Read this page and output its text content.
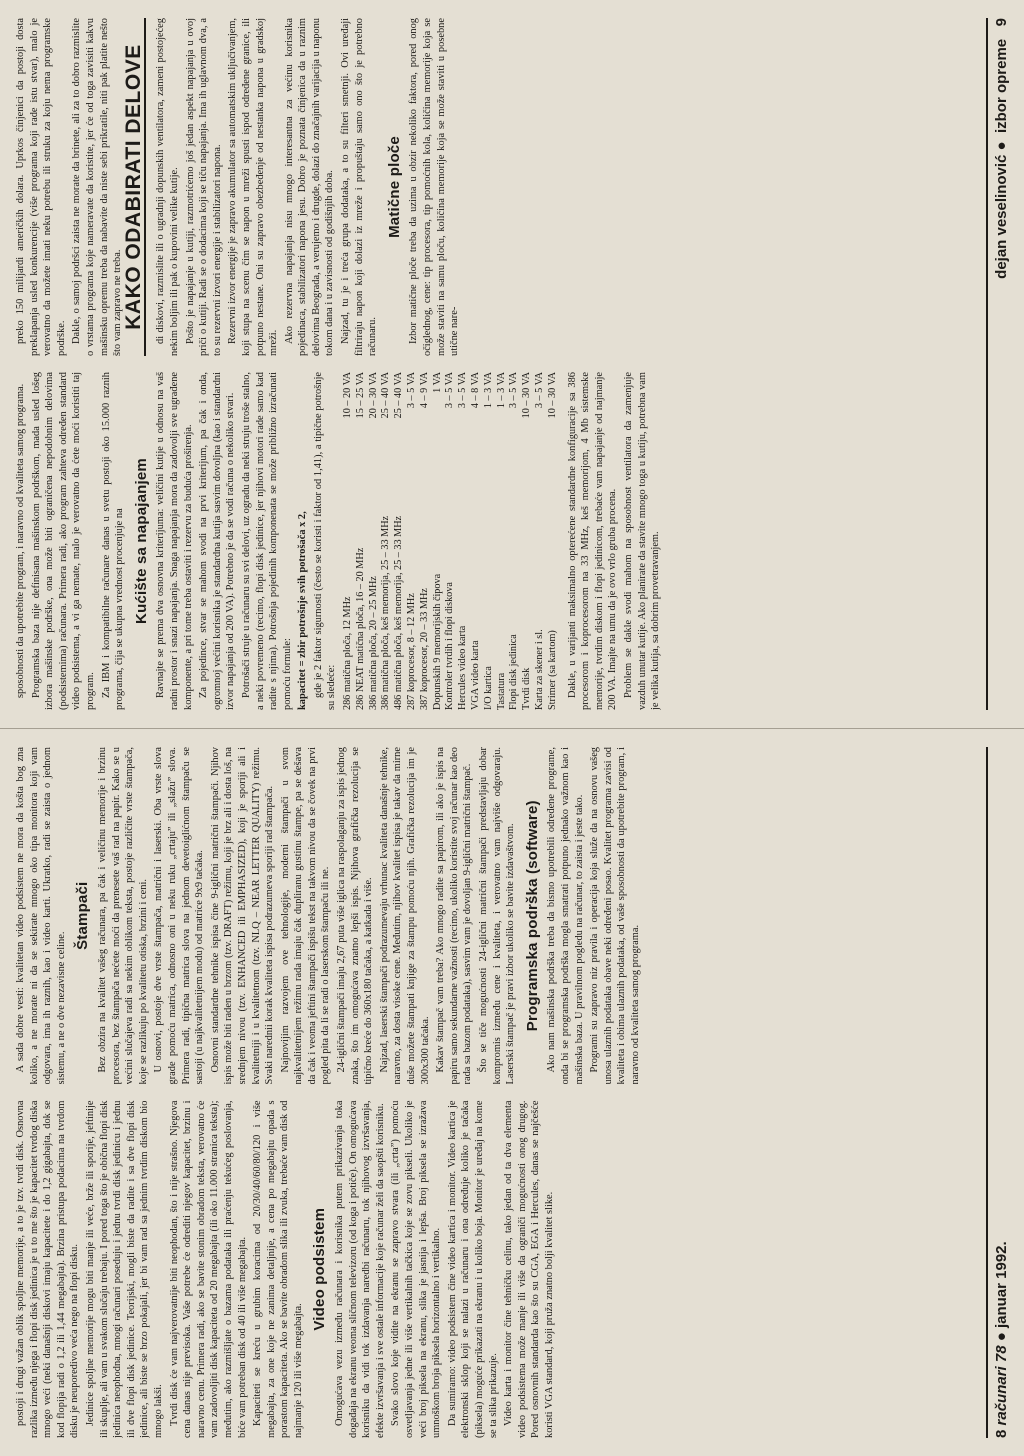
postoji i drugi važan oblik spoljne memorije, a to je tzv. tvrdi disk. Osnovna razlika između njega i flopi disk jedinica je u to me što je kapacitet tvrdog diska mnogo veći (neki današnji diskovi imaju kapacitete i do 1,2 gigabajta, dok se kod flopija radi o 1,2 ili 1,44 megabajta). Brzina pristupa podacima na tvrdom disku je neuporedivo veća nego na flopi disku. Jedinice spoljne memorije mogu biti manje ili veće, brže ili sporije, jeftinije ili skuplje, ali vam u svakom slučaju trebaju. I pored toga što je obična flopi disk jedinica neophodna, mnogi računari poseduju i jednu tvrdi disk jedinicu i jednu ili dve flopi disk jedinice. Teorijski, mogli biste da radite i sa dve flopi disk jedinice, ali biste se brzo pokajali, jer bi vam rad sa jednim tvrdim diskom bio mnogo lakši. Tvrdi disk će vam najverovatnije biti neophodan, što i nije strašno. Njegova cena danas nije previsoka. Vaše potrebe će odrediti njegov kapacitet, brzinu i naravno cenu. Primera radi, ako se bavite stonim obradom teksta, verovatno će vam zadovoljiti disk kapaciteta od 20 megabajta (ili oko 11.000 stranica teksta); međutim, ako razmišljate o bazama podataka ili praćenju tekućeg poslovanja, biće vam potreban disk od 40 ili više megabajta. Kapaciteti se kreću u grubim koracima od 20/30/40/60/80/120 i više megabajta, za one koje ne zanima detaljnije, a cena po megabajtu opada s porastom kapaciteta. Ako se bavite obradom slika ili zvuka, trebaće vam disk od najmanje 120 ili više megabajta.

Video podsistem Omogućava vezu između računara i korisnika putem prikazivanja toka događaja na ekranu veoma sličnom televizoru (od koga i potiče). On omogućava korisniku da vidi tok izdavanja naredbi računaru, tok njihovog izvršavanja, efekte izvršavanja i sve ostale informacije koje računar želi da saopšti korisniku. Svako slovo koje vidite na ekranu se zapravo stvara (ili „crta”) pomoću osvetljavanja jedne ili više vertikalnih tačkica koje se zovu pikseli. Ukoliko je veći broj piksela na ekranu, slika je jasnija i lepša. Broj piksela se izražava umnoškom broja piksela horizontalno i vertikalno. Da sumiramo: video podsistem čine video kartica i monitor. Video kartica je elektronski sklop koji se nalazi u računaru i ona određuje koliko je tačaka (piksela) moguće prikazati na ekranu i u koliko boja. Monitor je uređaj na kome se ta slika prikazuje. Video karta i monitor čine tehničku celinu, tako jedan od ta dva elementa video podsistema može manje ili više da ograniči mogućnosti onog drugog. Pored osnovnih standarda kao što su CGA, EGA i Hercules, danas se najčešće koristi VGA standard, koji pruža znatno bolji kvalitet slike.

A sada dobre vesti: kvalitetan video podsistem ne mora da košta bog zna koliko, a ne morate ni da se sekirate mnogo oko tipa monitora koji vam odgovara, ima ih raznih, kao i video karti. Ukratko, radi se zaista o jednom sistemu, a ne o dve nezavisne celine.

Štampači Bez obzira na kvalitet vašeg računara, pa čak i veličinu memorije i brzinu procesora, bez štampača nećete moći da prenesete vaš rad na papir. Kako se u većini slučajeva radi sa nekim oblikom teksta, postoje različite vrste štampača, koje se razlikuju po kvalitetu otiska, brzini i ceni. U osnovi, postoje dve vrste štampača, matrični i laserski. Oba vrste slova grade pomoću matrica, odnosno oni u neku ruku „crtaju” ili „slažu” slova. Primera radi, tipična matrica slova na jednom devetoiglićnom štampaču se sastoji (u najkvalitetnijem modu) od matrice 9x9 tačaka. Osnovni standardne tehnike ispisa čine 9-iglični matrični štampači. Njihov ispis može biti raden u brzom (tzv. DRAFT) režimu, koji je brz ali i dosta loš, na srednjem nivou (tzv. ENHANCED ili EMPHASIZED), koji je sporiji ali i kvalitetniji i u kvalitetnom (tzv. NLQ – NEAR LETTER QUALITY) režimu. Svaki narednii korak kvaliteta ispisa podrazumeva sporiji rad štampača. Najnovijim razvojem ove tehnologije, moderni štampači u svom najkvalitetnijem režimu rada imaju čak dupliranu gustinu štampe, pa se dešava da čak i veoma jeftini štampači ispišu tekst na takvom nivou da se čovek na prvi pogled pita da li se radi o laserskom štampaču ili ne. 24-iglični štampači imaju 2,67 puta više iglica na raspolaganju za ispis jednog znaka, što im omogućava znatno lepši ispis. Njihova grafička rezolucija se tipično kreće do 360x180 tačaka, a katkada i više. Najzad, laserski štampači podrazumevaju vrhunac kvaliteta današnje tehnike, naravno, za dosta visoke cene. Međutim, njihov kvalitet ispisa je takav da mirne duše možete štampati knjige za štampu pomoću njih. Grafička rezolucija im je 300x300 tačaka. Kakav štampač vam treba? Ako mnogo radite sa papirom, ili ako je ispis na papiru samo sekundarne važnosti (recimo, ukoliko koristite svoj računar kao deo rada sa bazom podataka), sasvim vam je dovoljan 9-iglični matrični štampač. Što se tiče mogućnosti 24-iglični matrični štampači predstavljaju dobar kompromis između cene i kvaliteta, i verovatno vam najviše odgovaraju. Laserski štampač je pravi izbor ukoliko se bavite izdavaštvom. Programska podrška (software) Ako nam mašinska podrška treba da bismo upotrebili određene programe, onda bi se programska podrška mogla smatrati potpuno jednako važnom kao i mašinska baza. U pravilnom pogledu na računar, to zaista i jeste tako. Programi su zapravo niz pravila i operacija koja služe da na osnovu vašeg unosa ulaznih podataka obave neki određeni posao. Kvalitet programa zavisi od kvaliteta i obima ulaznih podataka, od vaše sposobnosti da upotrebite program, i naravno od kvaliteta samog programa.

8

računari 78
●
januar 1992.

sposobnosti da upotrebite program, i naravno od kvaliteta samog programa. Programska baza nije definisana mašinskom podrškom, mada usled lošeg izbora mašinske podrške, ona može biti ograničena nepodobnim delovima (podsistemima) računara. Primera radi, ako program zahteva određen standard video podsistema, a vi ga nemate, malo je verovatno da ćete moći koristiti taj program. Za IBM i kompatibilne računare danas u svetu postoji oko 15.000 raznih programa, čija se ukupna vrednost procenjuje na Kućište sa napajanjem Ravnajte se prema dva osnovna kriterijuma: veličini kutije u odnosu na vaš radni prostor i snazi napajanja. Snaga napajanja mora da zadovolji sve ugrađene komponente, a pri tome treba ostaviti i rezervu za buduća proširenja. Za pojedince, stvar se mahom svodi na prvi kriterijum, pa čak i onda, ogromnoj većini korisnika je standardna kutija sasvim dovoljna (kao i standardni izvor napajanja od 200 VA). Potrebno je da se vodi računa o nekoliko stvari. Potrošači struje u računaru su svi delovi, uz ogradu da neki struju troše stalno, a neki povremeno (recimo, flopi disk jedinice, jer njihovi motori rade samo kad radite s njima). Potrošnja pojedinih komponenata se može približno izračunati pomoću formule: kapacitet = zbir potrošnje svih potrošača x 2, gde je 2 faktor sigurnosti (često se koristi i faktor od 1,41), a tipične potrošnje su sledeće: 286 matična ploča, 12 MHz	10 – 20 VA
286 NEAT matična ploča, 16 – 20 MHz	15 – 25 VA
386 matična ploča, 20 – 25 MHz	20 – 30 VA
386 matična ploča, keš memorija, 25 – 33 MHz	25 – 40 VA
486 matična ploča, keš memorija, 25 – 33 MHz	25 – 40 VA
287 koprocesor, 8 – 12 MHz	3 – 5 VA
387 koprocesor, 20 – 33 MHz	4 – 9 VA
Dopunskih 9 memorijskih čipova	1 VA
Kontroler tvrdih i flopi diskova	3 – 5 VA
Hercules video karta	3 – 5 VA
VGA video karta	4 – 8 VA
I/O kartica	1 – 3 VA
Tastatura	1 – 3 VA
Flopi disk jedinica	3 – 5 VA
Tvrdi disk	10 – 30 VA
Karta za skener i sl.	3 – 5 VA
Strimer (sa kartom)	10 – 30 VA Dakle, u varijanti maksimalno opterećene standardne konfiguracije sa 386 procesorom i koprocesorom na 33 MHz, keš memorijom, 4 Mb sistemske memorije, tvrdim diskom i flopi jedinicom, trebaće vam napajanje od najmanje 200 VA. Imajte na umu da je ovo vrlo gruba procena. Problem se dakle svodi mahom na sposobnost ventilatora da zamenjuje vazduh unutar kutije. Ako planirate da stavite mnogo toga u kutiju, potrebna vam je velika kutija, sa dobrim provetravanjem.

preko 150 milijardi američkih dolara. Uprkos činjenici da postoji dosta preklapanja usled konkurencije (više programa koji rade istu stvar), malo je verovatno da možete imati neku potrebu ili struku za koju nema programske podrške. Dakle, o samoj podršci zaista ne morate da brinete, ali za to dobro razmislite o vrstama programa koje nameravate da koristite, jer će od toga zavisiti kakvu mašinsku opremu treba da nabavite da niste sebi prikratile, niti pak platite nešto što vam zapravo ne treba.

KAKO ODABIRATI DELOVE di diskovi, razmislite ili o ugradnji dopunskih ventilatora, zameni postojećeg nekim boljim ili pak o kupovini velike kutije. Pošto je napajanje u kutiji, razmotrićemo još jedan aspekt napajanja u ovoj priči o kutiji. Radi se o dodacima koji se tiču napajanja. Ima ih uglavnom dva, a to su rezervni izvori energije i stabilizatori napona. Rezervni izvor energije je zapravo akumulator sa automatskim uključivanjem, koji stupa na scenu čim se napon u mreži spusti ispod određene granice, ili potpuno nestane. Oni su zapravo obezbeđenje od nestanka napona u gradskoj mreži. Ako rezervna napajanja nisu mnogo interesantna za većinu korisnika pojedinaca, stabilizatori napona jesu. Dobro je poznata činjenica da u raznim delovima Beograda, a verujemo i drugde, dolazi do značajnih varijacija u naponu tokom dana i u zavisnosti od godišnjih doba. Najzad, tu je i treća grupa dodataka, a to su filteri smetnji. Ovi uređaji filtriraju napon koji dolazi iz mreže i propuštaju samo ono što je potrebno računaru.

Matične ploče Izbor matične ploče treba da uzima u obzir nekoliko faktora, pored onog očiglednog, cene: tip procesora, tip pomoćnih kola, količina memorije koja se može staviti na samu ploču, količina memorije koja se može staviti u posebne utične nare-

dejan veselinović ●  izbor opreme   9
